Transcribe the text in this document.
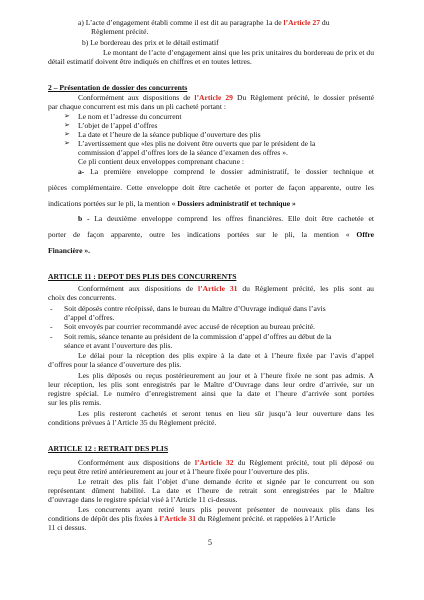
a) L’acte d’engagement établi comme il est dit au paragraphe 1a de l’Article 27 du
Règlement précité.
b) Le bordereau des prix et le détail estimatif
Le montant de l’acte d’engagement ainsi que les prix unitaires du bordereau de prix et du
détail estimatif doivent être indiqués en chiffres et en toutes lettres.
2 – Présentation de dossier des concurrents
Conformément aux dispositions de l’Article 29 Du Règlement précité, le dossier présenté
par chaque concurrent est mis dans un pli cacheté portant :
➢ Le nom et l’adresse du concurrent
➢ L’objet de l’appel d’offres
➢ La date et l’heure de la séance publique d’ouverture des plis
➢ L’avertissement que «les plis ne doivent être ouverts que par le président de la
commission d’appel d’offres lors de la séance d’examen des offres ».
Ce pli contient deux enveloppes comprenant chacune :
a- La première enveloppe comprend le dossier administratif, le dossier technique et
pièces complémentaire. Cette enveloppe doit être cachetée et porter de façon apparente, outre les
indications portées sur le pli, la mention « Dossiers administratif et technique »
b - La deuxième enveloppe comprend les offres financières. Elle doit être cachetée et
porter de façon apparente, outre les indications portées sur le pli, la mention « Offre
Financière ».
ARTICLE 11 : DEPOT DES PLIS DES CONCURRENTS
Conformément aux dispositions de l’Article 31 du Règlement précité, les plis sont au
choix des concurrents.
- Soit déposés contre récépissé, dans le bureau du Maître d’Ouvrage indiqué dans l’avis
d’appel d’offres.
- Soit envoyés par courrier recommandé avec accusé de réception au bureau précité.
- Soit remis, séance tenante au président de la commission d’appel d’offres au début de la
séance et avant l’ouverture des plis.
Le délai pour la réception des plis expire à la date et à l’heure fixée par l’avis d’appel
d’offres pour la séance d’ouverture des plis.
Les plis déposés ou reçus postérieurement au jour et à l’heure fixée ne sont pas admis. A
leur réception, les plis sont enregistrés par le Maître d’Ouvrage dans leur ordre d’arrivée, sur un
registre spécial. Le numéro d’enregistrement ainsi que la date et l’heure d’arrivée sont portées
sur les plis remis.
Les plis resteront cachetés et seront tenus en lieu sûr jusqu’à leur ouverture dans les
conditions prévues à l’Article 35 du Règlement précité.
ARTICLE 12 : RETRAIT DES PLIS
Conformément aux dispositions de l’Article 32 du Règlement précité, tout pli déposé ou
reçu peut être retiré antérieurement au jour et à l’heure fixée pour l’ouverture des plis.
Le retrait des plis fait l’objet d’une demande écrite et signée par le concurrent ou son
représentant dûment habilité. La date et l’heure de retrait sont enregistrées par le Maître
d’ouvrage dans le registre spécial visé à l’Article 11 ci-dessus.
Les concurrents ayant retiré leurs plis peuvent présenter de nouveaux plis dans les
conditions de dépôt des plis fixées à l’Article 31 du Règlement précité. et rappelées à l’Article
11 ci dessus.
5
